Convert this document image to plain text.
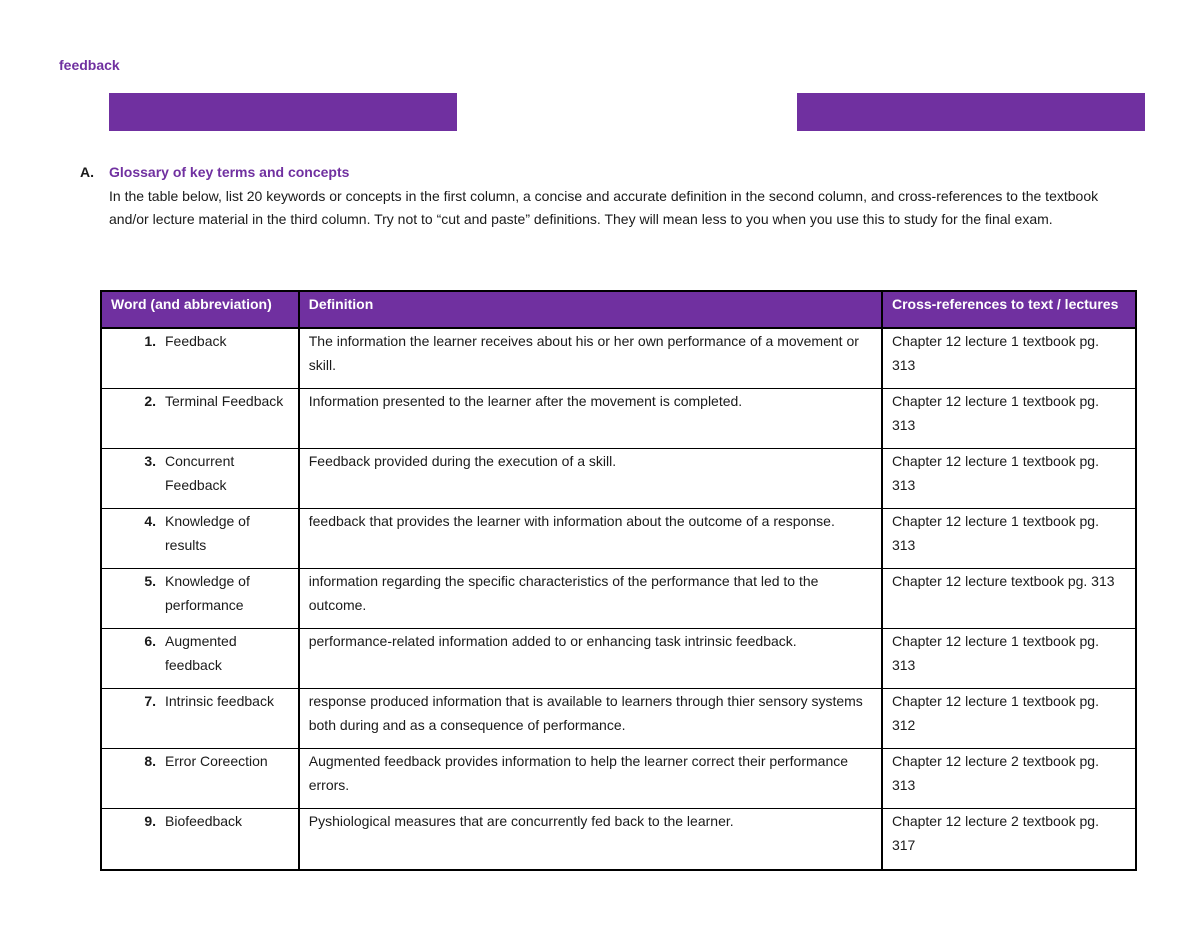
feedback
A.	Glossary of key terms and concepts
In the table below, list 20 keywords or concepts in the first column, a concise and accurate definition in the second column, and cross-references to the textbook and/or lecture material in the third column. Try not to “cut and paste” definitions. They will mean less to you when you use this to study for the final exam.
Word (and abbreviation)	Definition	Cross-references to text / lectures

1. Feedback	The information the learner receives about his or her own performance of a movement or skill.	Chapter 12 lecture 1 textbook pg. 313

2. Terminal Feedback	Information presented to the learner after the movement is completed.	Chapter 12 lecture 1 textbook pg. 313

3. Concurrent Feedback	Feedback provided during the execution of a skill.	Chapter 12 lecture 1 textbook pg. 313

4. Knowledge of results	feedback that provides the learner with information about the outcome of a response.	Chapter 12 lecture 1 textbook pg. 313

5. Knowledge of performance	information regarding the specific characteristics of the performance that led to the outcome.	Chapter 12 lecture textbook pg. 313

6. Augmented feedback	performance-related information added to or enhancing task intrinsic feedback.	Chapter 12 lecture 1 textbook pg. 313

7. Intrinsic feedback	response produced information that is available to learners through thier sensory systems both during and as a consequence of performance.	Chapter 12 lecture 1 textbook pg. 312

8. Error Coreection	Augmented feedback provides information to help the learner correct their performance errors.	Chapter 12 lecture 2 textbook pg. 313

9. Biofeedback	Pyshiological measures that are concurrently fed back to the learner.	Chapter 12 lecture 2 textbook pg. 317
